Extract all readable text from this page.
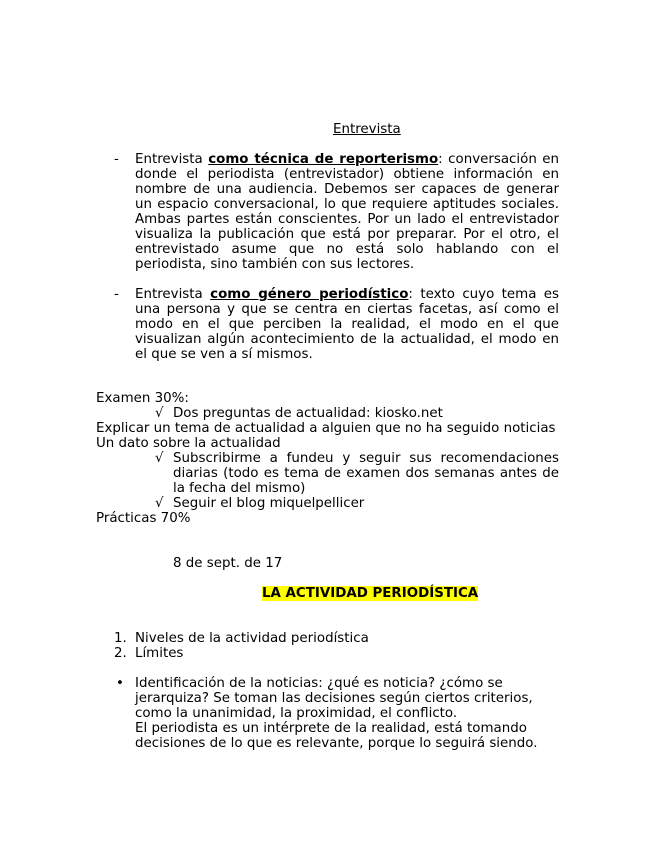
Entrevista
- Entrevista como técnica de reporterismo: conversación en donde el periodista (entrevistador) obtiene información en nombre de una audiencia. Debemos ser capaces de generar un espacio conversacional, lo que requiere aptitudes sociales. Ambas partes están conscientes. Por un lado el entrevistador visualiza la publicación que está por preparar. Por el otro, el entrevistado asume que no está solo hablando con el periodista, sino también con sus lectores.
- Entrevista como género periodístico: texto cuyo tema es una persona y que se centra en ciertas facetas, así como el modo en el que perciben la realidad, el modo en el que visualizan algún acontecimiento de la actualidad, el modo en el que se ven a sí mismos.
Examen 30%:
√ Dos preguntas de actualidad: kiosko.net
Explicar un tema de actualidad a alguien que no ha seguido noticias
Un dato sobre la actualidad
√ Subscribirme a fundeu y seguir sus recomendaciones diarias (todo es tema de examen dos semanas antes de la fecha del mismo)
√ Seguir el blog miquelpellicer
Prácticas 70%
8 de sept. de 17
LA ACTIVIDAD PERIODÍSTICA
1. Niveles de la actividad periodística
2. Límites
• Identificación de la noticias: ¿qué es noticia? ¿cómo se jerarquiza? Se toman las decisiones según ciertos criterios, como la unanimidad, la proximidad, el conflicto.
El periodista es un intérprete de la realidad, está tomando decisiones de lo que es relevante, porque lo seguirá siendo.
